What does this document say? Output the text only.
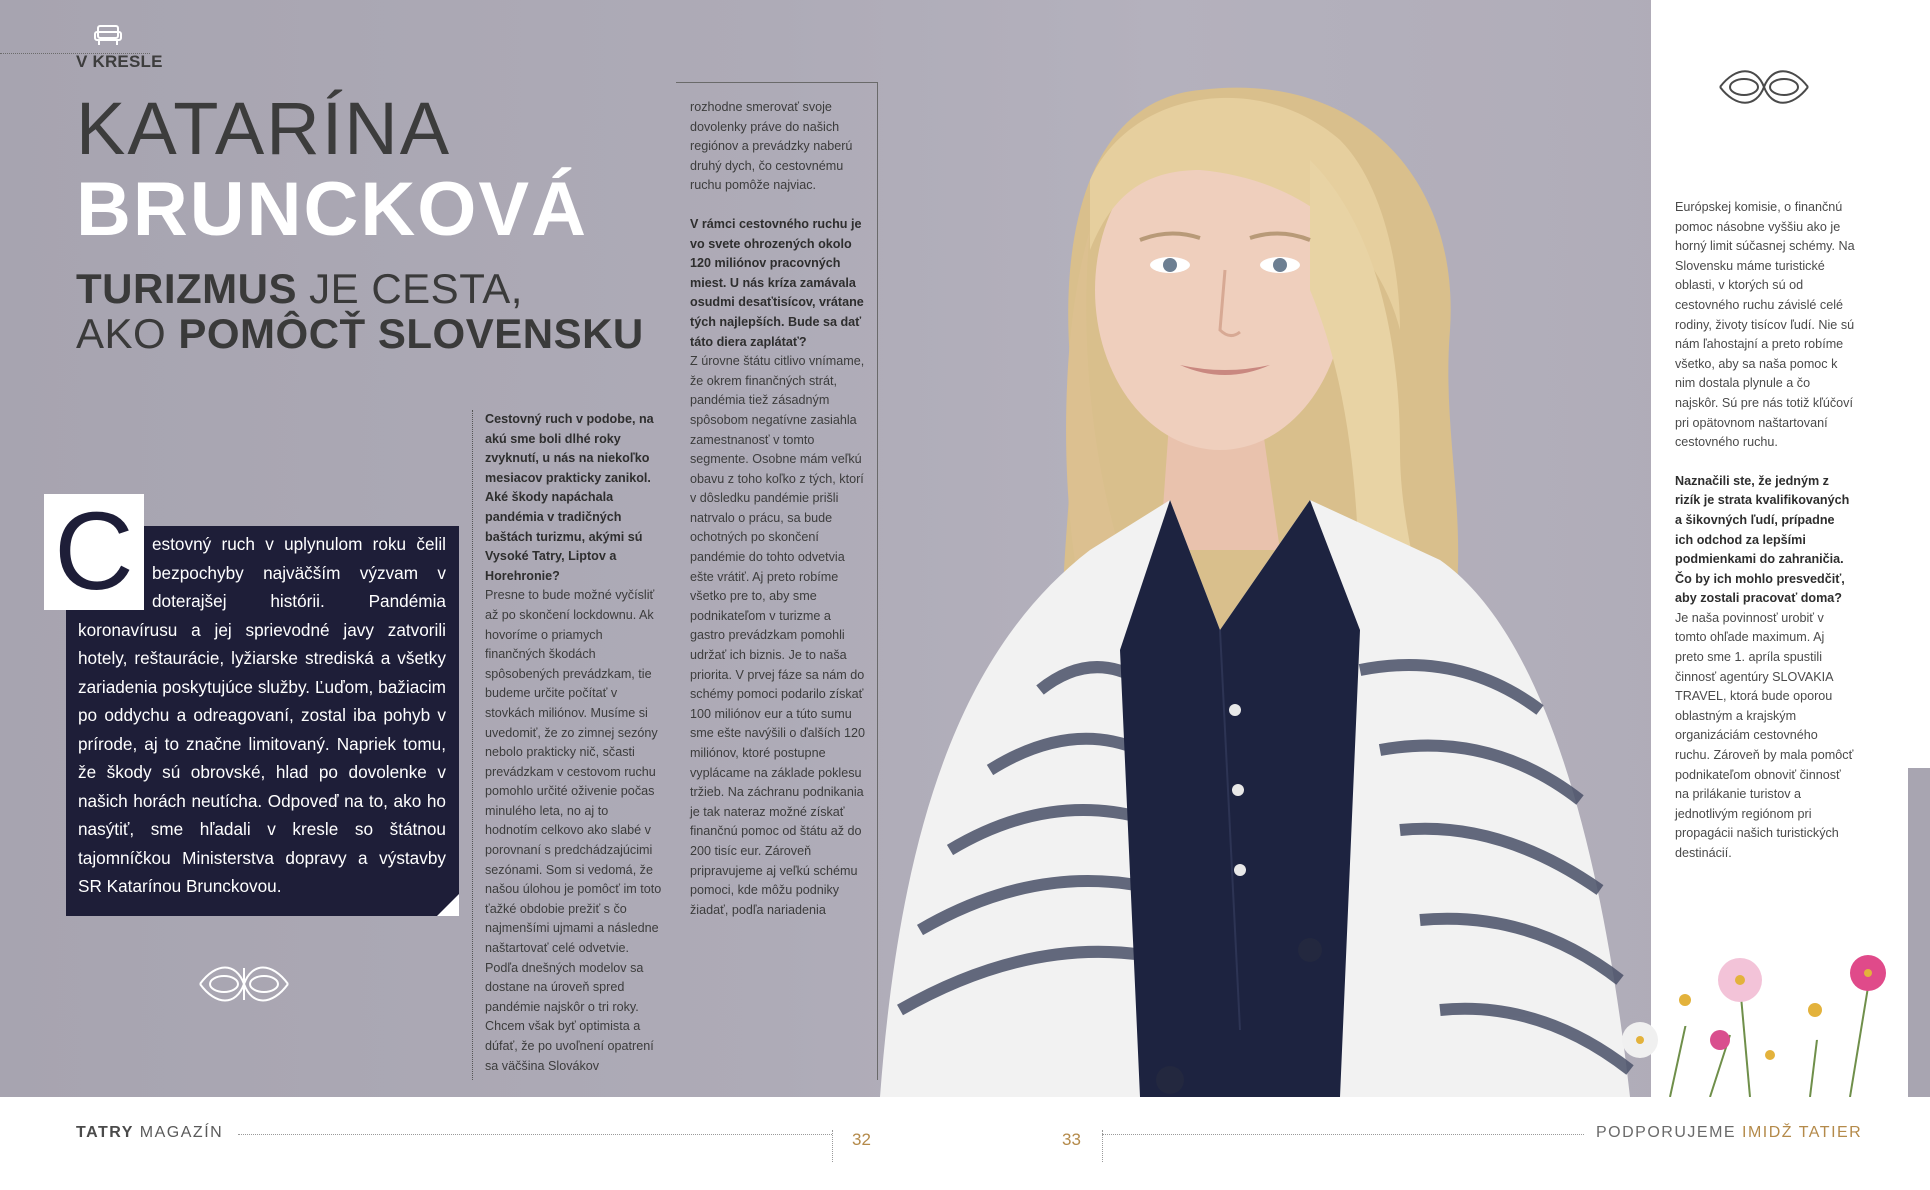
V KRESLE
KATARÍNA
BRUNCKOVÁ
TURIZMUS JE CESTA,
AKO POMÔCŤ SLOVENSKU
estovný ruch v uplynulom roku čelil bezpochyby najväčším výzvam v doterajšej histórii. Pandémia koronavírusu a jej sprievodné javy zatvorili hotely, reštaurácie, lyžiarske strediská a všetky zariadenia poskytujúce služby. Ľuďom, bažiacim po oddychu a odreagovaní, zostal iba pohyb v prírode, aj to značne limitovaný. Napriek tomu, že škody sú obrovské, hlad po dovolenke v našich horách neutícha. Odpoveď na to, ako ho nasýtiť, sme hľadali v kresle so štátnou tajomníčkou Ministerstva dopravy a výstavby SR Katarínou Brunckovou.
C

Cestovný ruch v podobe, na akú sme boli dlhé roky zvyknutí, u nás na niekoľko mesiacov prakticky zanikol. Aké škody napáchala pandémia v tradičných baštách turizmu, akými sú Vysoké Tatry, Liptov a Horehronie?

Presne to bude možné vyčísliť až po skončení lockdownu. Ak hovoríme o priamych finančných škodách spôsobených prevádzkam, tie budeme určite počítať v stovkách miliónov. Musíme si uvedomiť, že zo zimnej sezóny nebolo prakticky nič, sčasti prevádzkam v cestovom ruchu pomohlo určité oživenie počas minulého leta, no aj to hodnotím celkovo ako slabé v porovnaní s predchádzajúcimi sezónami. Som si vedomá, že našou úlohou je pomôcť im toto ťažké obdobie prežiť s čo najmenšími ujmami a následne naštartovať celé odvetvie. Podľa dnešných modelov sa dostane na úroveň spred pandémie najskôr o tri roky. Chcem však byť optimista a dúfať, že po uvoľnení opatrení sa väčšina Slovákov

rozhodne smerovať svoje dovolenky práve do našich regiónov a prevádzky naberú druhý dych, čo cestovnému ruchu pomôže najviac.

V rámci cestovného ruchu je vo svete ohrozených okolo 120 miliónov pracovných miest. U nás kríza zamávala osudmi desaťtisícov, vrátane tých najlepších. Bude sa dať táto diera zaplátať?

Z úrovne štátu citlivo vnímame, že okrem finančných strát, pandémia tiež zásadným spôsobom negatívne zasiahla zamestnanosť v tomto segmente. Osobne mám veľkú obavu z toho koľko z tých, ktorí v dôsledku pandémie prišli natrvalo o prácu, sa bude ochotných po skončení pandémie do tohto odvetvia ešte vrátiť. Aj preto robíme všetko pre to, aby sme podnikateľom v turizme a gastro prevádzkam pomohli udržať ich biznis. Je to naša priorita. V prvej fáze sa nám do schémy pomoci podarilo získať 100 miliónov eur a túto sumu sme ešte navýšili o ďalších 120 miliónov, ktoré postupne vyplácame na základe poklesu tržieb. Na záchranu podnikania je tak nateraz možné získať finančnú pomoc od štátu až do 200 tisíc eur. Zároveň pripravujeme aj veľkú schému pomoci, kde môžu podniky žiadať, podľa nariadenia

Európskej komisie, o finančnú pomoc násobne vyššiu ako je horný limit súčasnej schémy. Na Slovensku máme turistické oblasti, v ktorých sú od cestovného ruchu závislé celé rodiny, životy tisícov ľudí. Nie sú nám ľahostajní a preto robíme všetko, aby sa naša pomoc k nim dostala plynule a čo najskôr. Sú pre nás totiž kľúčoví pri opätovnom naštartovaní cestovného ruchu.

Naznačili ste, že jedným z rizík je strata kvalifikovaných a šikovných ľudí, prípadne ich odchod za lepšími podmienkami do zahraničia. Čo by ich mohlo presvedčiť, aby zostali pracovať doma?

Je naša povinnosť urobiť v tomto ohľade maximum. Aj preto sme 1. apríla spustili činnosť agentúry SLOVAKIA TRAVEL, ktorá bude oporou oblastným a krajským organizáciám cestovného ruchu. Zároveň by mala pomôcť podnikateľom obnoviť činnosť na prilákanie turistov a jednotlivým regiónom pri propagácii našich turistických destinácií.

TATRY MAGAZÍN	32	33	PODPORUJEME IMIDŽ TATIER
